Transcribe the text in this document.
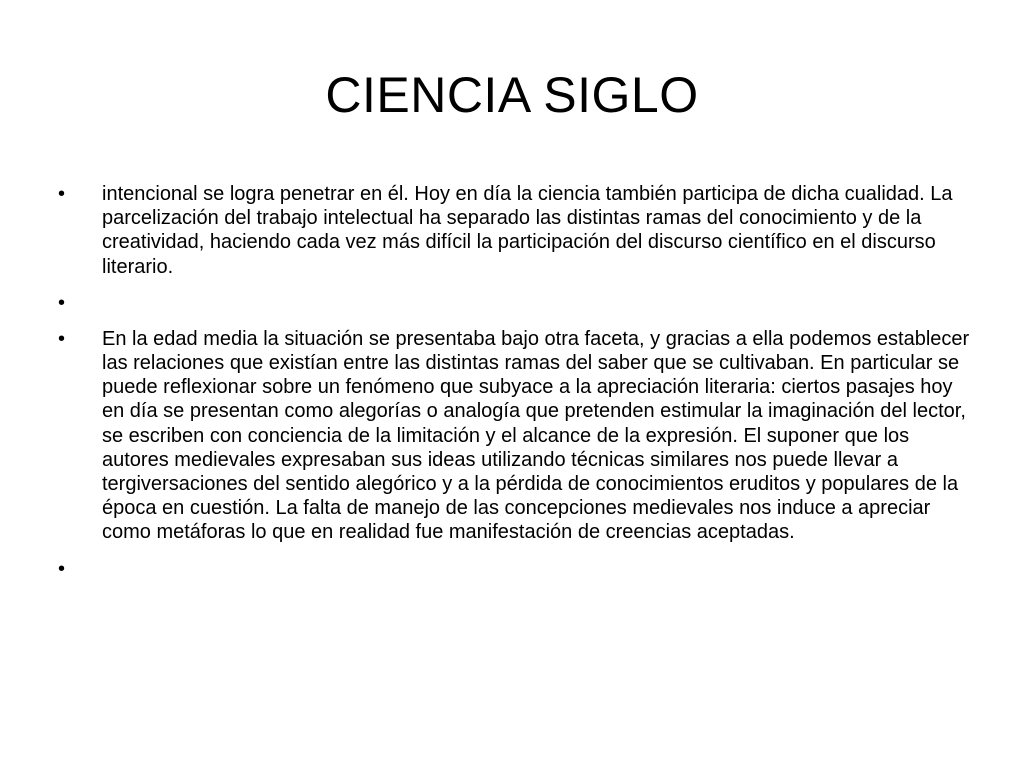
CIENCIA SIGLO
• intencional se logra penetrar en él. Hoy en día la ciencia también participa de dicha cualidad. La parcelización del trabajo intelectual ha separado las distintas ramas del conocimiento y de la creatividad, haciendo cada vez más difícil la participación del discurso científico en el discurso literario.
•
• En la edad media la situación se presentaba bajo otra faceta, y gracias a ella podemos establecer las relaciones que existían entre las distintas ramas del saber que se cultivaban. En particular se puede reflexionar sobre un fenómeno que subyace a la apreciación literaria: ciertos pasajes hoy en día se presentan como alegorías o analogía que pretenden estimular la imaginación del lector, se escriben con conciencia de la limitación y el alcance de la expresión. El suponer que los autores medievales expresaban sus ideas utilizando técnicas similares nos puede llevar a tergiversaciones del sentido alegórico y a la pérdida de conocimientos eruditos y populares de la época en cuestión. La falta de manejo de las concepciones medievales nos induce a apreciar como metáforas lo que en realidad fue manifestación de creencias aceptadas.
•
